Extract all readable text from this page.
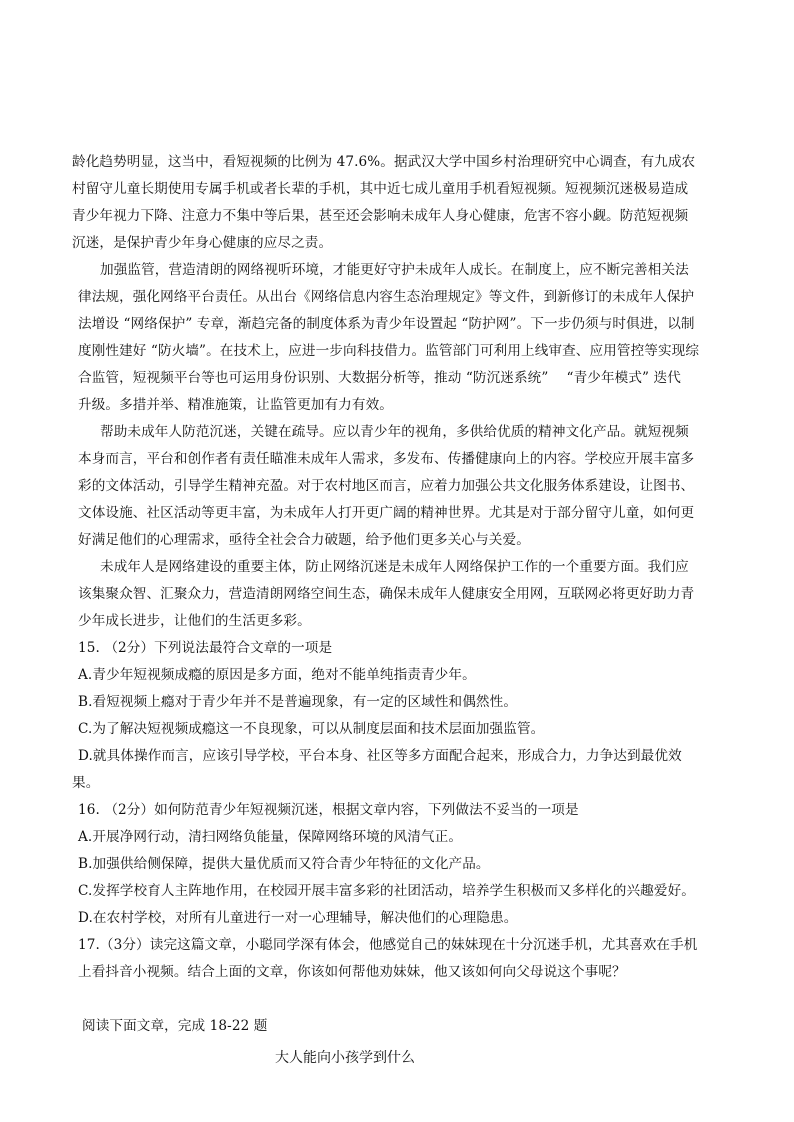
龄化趋势明显，这当中，看短视频的比例为 47.6%。据武汉大学中国乡村治理研究中心调查，有九成农
村留守儿童长期使用专属手机或者长辈的手机，其中近七成儿童用手机看短视频。短视频沉迷极易造成
青少年视力下降、注意力不集中等后果，甚至还会影响未成年人身心健康，危害不容小觑。防范短视频
沉迷，是保护青少年身心健康的应尽之责。
加强监管，营造清朗的网络视听环境，才能更好守护未成年人成长。在制度上，应不断完善相关法
律法规，强化网络平台责任。从出台《网络信息内容生态治理规定》等文件，到新修订的未成年人保护
法增设 “网络保护” 专章，渐趋完备的制度体系为青少年设置起 “防护网”。下一步仍须与时俱进，以制
度刚性建好 “防火墙”。在技术上，应进一步向科技借力。监管部门可利用上线审查、应用管控等实现综
合监管，短视频平台等也可运用身份识别、大数据分析等，推动 “防沉迷系统”　 “青少年模式” 迭代
升级。多措并举、精准施策，让监管更加有力有效。
帮助未成年人防范沉迷，关键在疏导。应以青少年的视角，多供给优质的精神文化产品。就短视频
本身而言，平台和创作者有责任瞄准未成年人需求，多发布、传播健康向上的内容。学校应开展丰富多
彩的文体活动，引导学生精神充盈。对于农村地区而言，应着力加强公共文化服务体系建设，让图书、
文体设施、社区活动等更丰富，为未成年人打开更广阔的精神世界。尤其是对于部分留守儿童，如何更
好满足他们的心理需求，亟待全社会合力破题，给予他们更多关心与关爱。
未成年人是网络建设的重要主体，防止网络沉迷是未成年人网络保护工作的一个重要方面。我们应
该集聚众智、汇聚众力，营造清朗网络空间生态，确保未成年人健康安全用网，互联网必将更好助力青
少年成长进步，让他们的生活更多彩。
15. （2分）下列说法最符合文章的一项是
A.青少年短视频成瘾的原因是多方面，绝对不能单纯指责青少年。
B.看短视频上瘾对于青少年并不是普遍现象，有一定的区域性和偶然性。
C.为了解决短视频成瘾这一不良现象，可以从制度层面和技术层面加强监管。
D.就具体操作而言，应该引导学校，平台本身、社区等多方面配合起来，形成合力，力争达到最优效
果。
16. （2分）如何防范青少年短视频沉迷，根据文章内容，下列做法不妥当的一项是
A.开展净网行动，清扫网络负能量，保障网络环境的风清气正。
B.加强供给侧保障，提供大量优质而又符合青少年特征的文化产品。
C.发挥学校育人主阵地作用，在校园开展丰富多彩的社团活动，培养学生积极而又多样化的兴趣爱好。
D.在农村学校，对所有儿童进行一对一心理辅导，解决他们的心理隐患。
17.（3分）读完这篇文章，小聪同学深有体会，他感觉自己的妹妹现在十分沉迷手机，尤其喜欢在手机
上看抖音小视频。结合上面的文章，你该如何帮他劝妹妹，他又该如何向父母说这个事呢？
阅读下面文章，完成 18-22 题
大人能向小孩学到什么
